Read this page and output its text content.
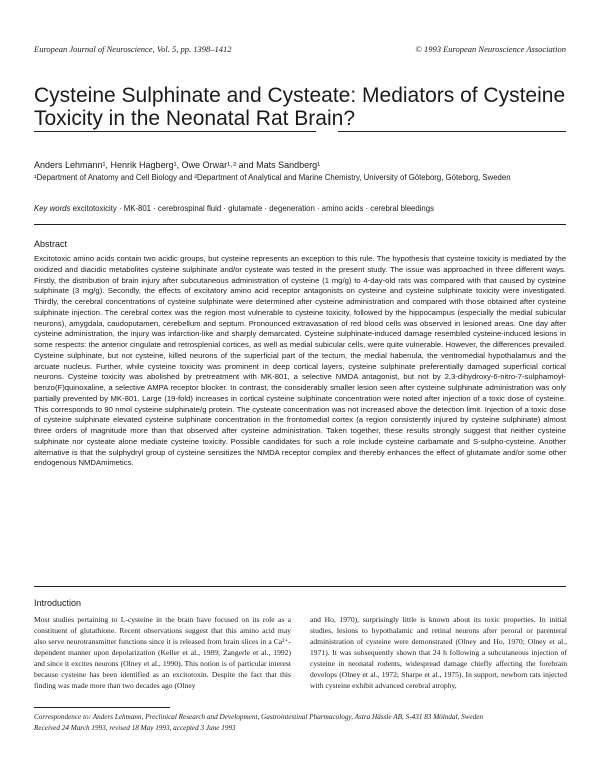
European Journal of Neuroscience, Vol. 5, pp. 1398–1412	© 1993 European Neuroscience Association
Cysteine Sulphinate and Cysteate: Mediators of Cysteine Toxicity in the Neonatal Rat Brain?
Anders Lehmann¹, Henrik Hagberg¹, Owe Orwar¹˒² and Mats Sandberg¹
¹Department of Anatomy and Cell Biology and ²Department of Analytical and Marine Chemistry, University of Göteborg, Göteborg, Sweden
Key words excitotoxicity · MK-801 · cerebrospinal fluid · glutamate · degeneration · amino acids · cerebral bleedings
Abstract

Excitotoxic amino acids contain two acidic groups, but cysteine represents an exception to this rule. The hypothesis that cysteine toxicity is mediated by the oxidized and diacidic metabolites cysteine sulphinate and/or cysteate was tested in the present study. The issue was approached in three different ways. Firstly, the distribution of brain injury after subcutaneous administration of cysteine (1 mg/g) to 4-day-old rats was compared with that caused by cysteine sulphinate (3 mg/g). Secondly, the effects of excitatory amino acid receptor antagonists on cysteine and cysteine sulphinate toxicity were investigated. Thirdly, the cerebral concentrations of cysteine sulphinate were determined after cysteine administration and compared with those obtained after cysteine sulphinate injection. The cerebral cortex was the region most vulnerable to cysteine toxicity, followed by the hippocampus (especially the medial subicular neurons), amygdala, caudoputamen, cerebellum and septum. Pronounced extravasation of red blood cells was observed in lesioned areas. One day after cysteine administration, the injury was infarction-like and sharply demarcated. Cysteine sulphinate-induced damage resembled cysteine-induced lesions in some respects: the anterior cingulate and retrosplenial cortices, as well as medial subicular cells, were quite vulnerable. However, the differences prevailed. Cysteine sulphinate, but not cysteine, killed neurons of the superficial part of the tectum, the medial habenula, the ventromedial hypothalamus and the arcuate nucleus. Further, while cysteine toxicity was prominent in deep cortical layers, cysteine sulphinate preferentially damaged superficial cortical neurons. Cysteine toxicity was abolished by pretreatment with MK-801, a selective NMDA antagonist, but not by 2,3-dihydroxy-6-nitro-7-sulphamoyl-benzo(F)quinoxaline, a selective AMPA receptor blocker. In contrast, the considerably smaller lesion seen after cysteine sulphinate administration was only partially prevented by MK-801. Large (19-fold) increases in cortical cysteine sulphinate concentration were noted after injection of a toxic dose of cysteine. This corresponds to 90 nmol cysteine sulphinate/g protein. The cysteate concentration was not increased above the detection limit. Injection of a toxic dose of cysteine sulphinate elevated cysteine sulphinate concentration in the frontomedial cortex (a region consistently injured by cysteine sulphinate) almost three orders of magnitude more than that observed after cysteine administration. Taken together, these results strongly suggest that neither cysteine sulphinate nor cysteate alone mediate cysteine toxicity. Possible candidates for such a role include cysteine carbamate and S-sulpho-cysteine. Another alternative is that the sulphydryl group of cysteine sensitizes the NMDA receptor complex and thereby enhances the effect of glutamate and/or some other endogenous NMDAmimetics.

Introduction

Most studies pertaining to L-cysteine in the brain have focused on its role as a constituent of glutathione. Recent observations suggest that this amino acid may also serve neurotransmitter functions since it is released from brain slices in a Ca²⁺-dependent manner upon depolarization (Keller et al., 1989; Zangerle et al., 1992) and since it excites neurons (Olney et al., 1990). This notion is of particular interest because cysteine has been identified as an excitotoxin. Despite the fact that this finding was made more than two decades ago (Olney

and Ho, 1970), surprisingly little is known about its toxic properties. In initial studies, lesions to hypothalamic and retinal neurons after peroral or parenteral administration of cysteine were demonstrated (Olney and Ho, 1970; Olney et al., 1971). It was subsequently shown that 24 h following a subcutaneous injection of cysteine in neonatal rodents, widespread damage chiefly affecting the forebrain develops (Olney et al., 1972; Sharpe et al., 1975). In support, newborn rats injected with cysteine exhibit advanced cerebral atrophy,

Correspondence to: Anders Lehmann, Preclinical Research and Development, Gastrointestinal Pharmacology, Astra Hässle AB, S-431 83 Mölndal, Sweden
Received 24 March 1993, revised 18 May 1993, accepted 3 June 1993
